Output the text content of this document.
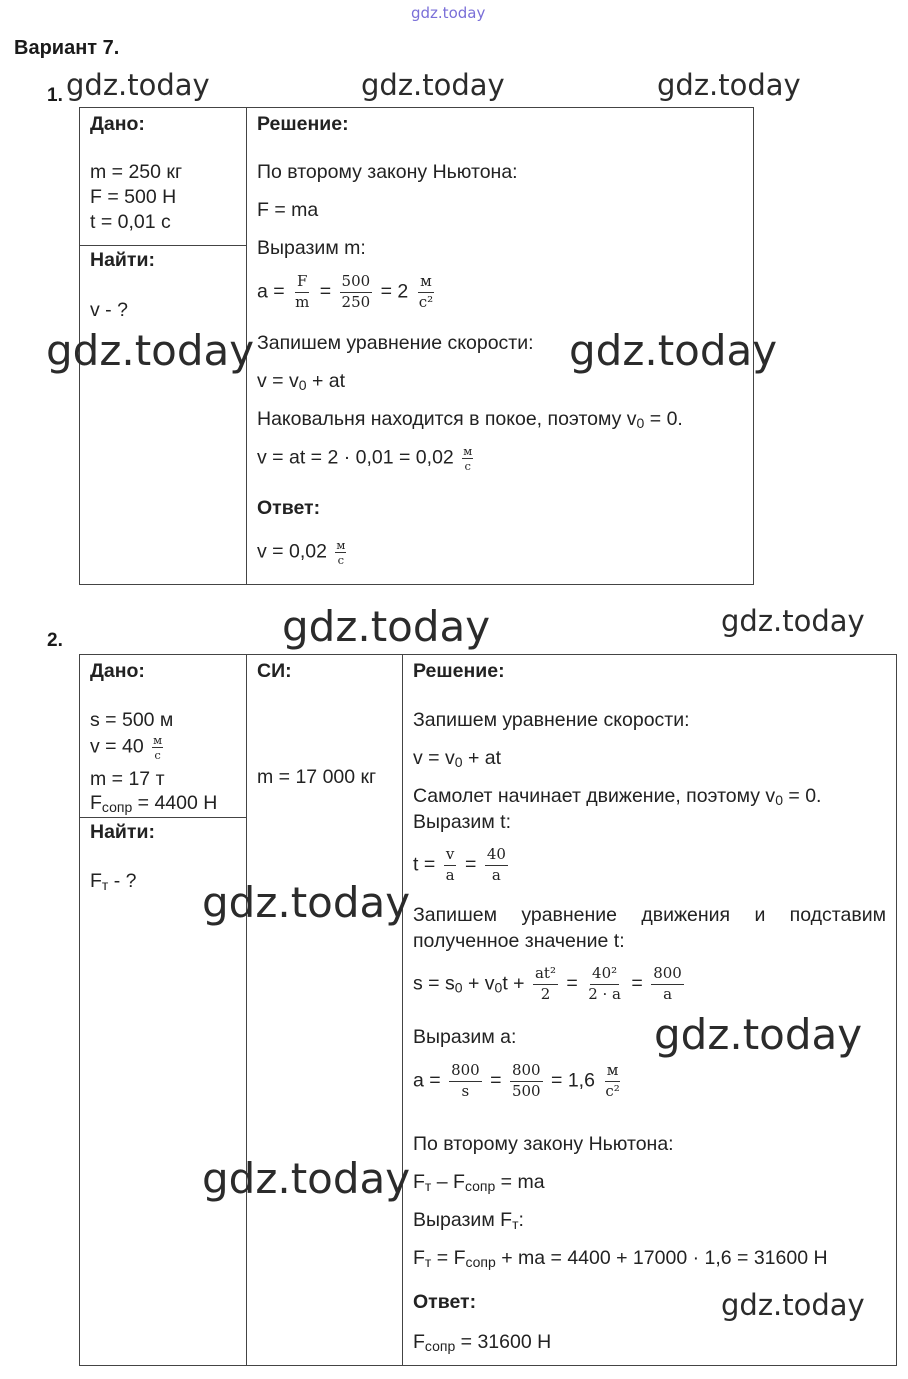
gdz.today
Вариант 7.
1. gdz.today	gdz.today	gdz.today
Дано:
m = 250 кг
F = 500 Н
t = 0,01 с
Найти:
v - ?
Решение:
По второму закону Ньютона:
F = ma
Выразим m:
$a = \frac{F}{m} = \frac{500}{250} = 2 \frac{м}{\text{c²}}$
Запишем уравнение скорости:
$v = v_0$ + at
Наковальня находится в покое, поэтому $v_0 = 0$.
v = at = $2 \cdot 0,01 = 0,02 \frac{м}{c}$
Ответ:
$v = 0,02 \frac{м}{c}$
gdz.today	gdz.today
2.	gdz.today	gdz.today
Дано:
s = 500 м
$v = 40 \frac{м}{c}$
m = 17 т
$F_{сопр} = 4400$ Н
Найти:
$F_т$ - ?
СИ:
m = 17 000 кг
Решение:
Запишем уравнение скорости:
$v = v_0$ + at
Самолет начинает движение, поэтому $v_0 = 0$.
Выразим t:
$t = \frac{v}{a} = \frac{40}{a}$
Запишем уравнение движения и подставим
полученное значение t:
$s = s_0 + v_0t + \frac{\text{at²}}{2} = \frac{\text{40²}}{2 \cdot a} = \frac{800}{a}$
Выразим a:
$a = \frac{800}{s} = \frac{800}{500} = 1,6 \frac{м}{\text{c²}}$
По второму закону Ньютона:
$F_т - F_{сопр}$ = ma
Выразим $F_т$:
$F_т = F_{сопр}$ + ma = 4400 + 17000 · 1,6 = 31600 Н
Ответ:
$F_{сопр} = 31600$ Н
gdz.today
gdz.today
gdz.today
gdz.today
